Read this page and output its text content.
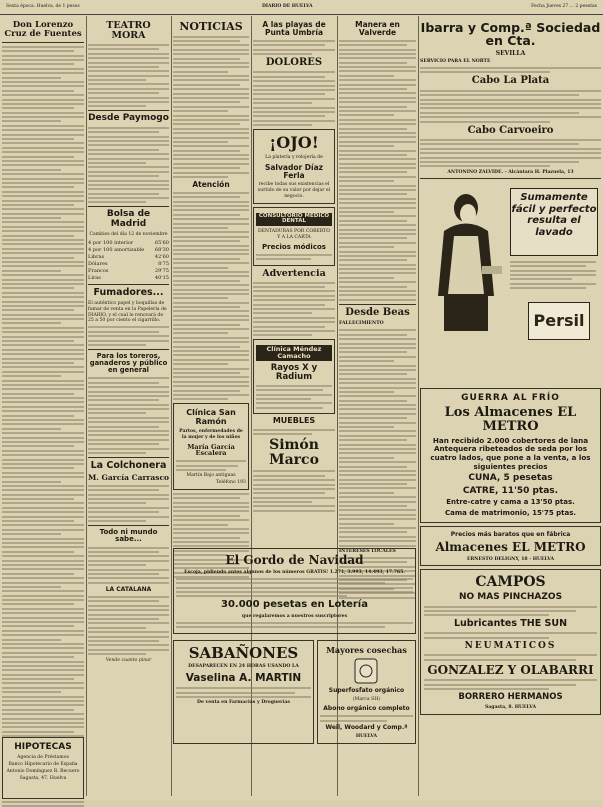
Sexta época. Huelva, de 1 pesos	DIARIO DE HUELVA	Fecha Jueves 27 ... 2 pesetas
Don Lorenzo Cruz de Fuentes
HIPOTECAS
Agencia de Préstamos
Banco Hipotecario de España
Antonio Domínguez R. Recuero
Sagasta, 47. Huelva
TEATRO MORA
Desde Paymogo
Bolsa de Madrid
Cambios del día 12 de noviembre
4 por 100 interior	65'60
4 por 100 amortizable	68'30
Libras	42'60
Dólares	8'75
Francos	29'75
Liras	40'15
Fumadores...
El auténtico papel y boquillas de fumar de venta en la Papelería de DIARIO, y el cual le renovará de 25 a 50 por ciento el cigarrillo.
Para los toreros, ganaderos y público en general
La Colchonera
M. García Carrasco
Todo ni mundo sabe...
LA CATALANA
Vende cuanto pinar
NOTICIAS
Atención
Clínica San Ramón
Partos, enfermedades de la mujer y de los niños
María García Escalera
Martín Bajo antiguas
Teléfono 193
A las playas de Punta Umbría
DOLORES
¡OJO!
La platería y relojería de
Salvador Díaz Ferla
recibe todas sus existencias el surtido de su valor por dejar el negocio.
CONSULTORIO MÉDICO DENTAL
DENTADURAS POR COBERTO Y A LA CARTA
Precios módicos
Advertencia
Clínica Méndez Camacho
Rayos X y Radium
MUEBLES
Simón Marco
Manera en Valverde
Desde Beas
FALLECIMIENTO
INTERESES LOCALES
Ibarra y Comp.ª Sociedad en Cta.
SEVILLA
SERVICIO PARA EL NORTE
Cabo La Plata
Cabo Carvoeiro
ANTONINO ZALVIDE. - Alcántara H. Plazuela, 13
Sumamente fácil y perfecto resulta el lavado
Persil
GUERRA AL FRÍO
Los Almacenes EL METRO
Han recibido 2.000 cobertores de lana Antequera ribeteados de seda por los cuatro lados, que pone a la venta, a los siguientes precios
CUNA, 5 pesetas
CATRE, 11'50 ptas.
Entre-catre y cama a 13'50 ptas.
Cama de matrimonio, 15'75 ptas.
Precios más baratos que en fábrica
Almacenes EL METRO
ERNESTO DELIGNY, 18 - HUELVA
CAMPOS
NO MAS PINCHAZOS
Lubricantes THE SUN
NEUMATICOS
GONZALEZ Y OLABARRI
BORRERO HERMANOS
Sagasta, 8. HUELVA
El Gordo de Navidad
Escoja, pidiendo antes algunos de los números GRATIS! 1.271, 3.993, 14.493, 17.765.
30.000 pesetas en Lotería
que regalaremos a nuestros suscriptores
SABAÑONES
DESAPARECEN EN 24 HORAS USANDO LA
Vaselina A. MARTIN
De venta en Farmacias y Droguerías
Mayores cosechas
Superfosfato orgánico
(Marca SH)
Abono orgánico completo
Weil, Woodard y Comp.ª
HUELVA
